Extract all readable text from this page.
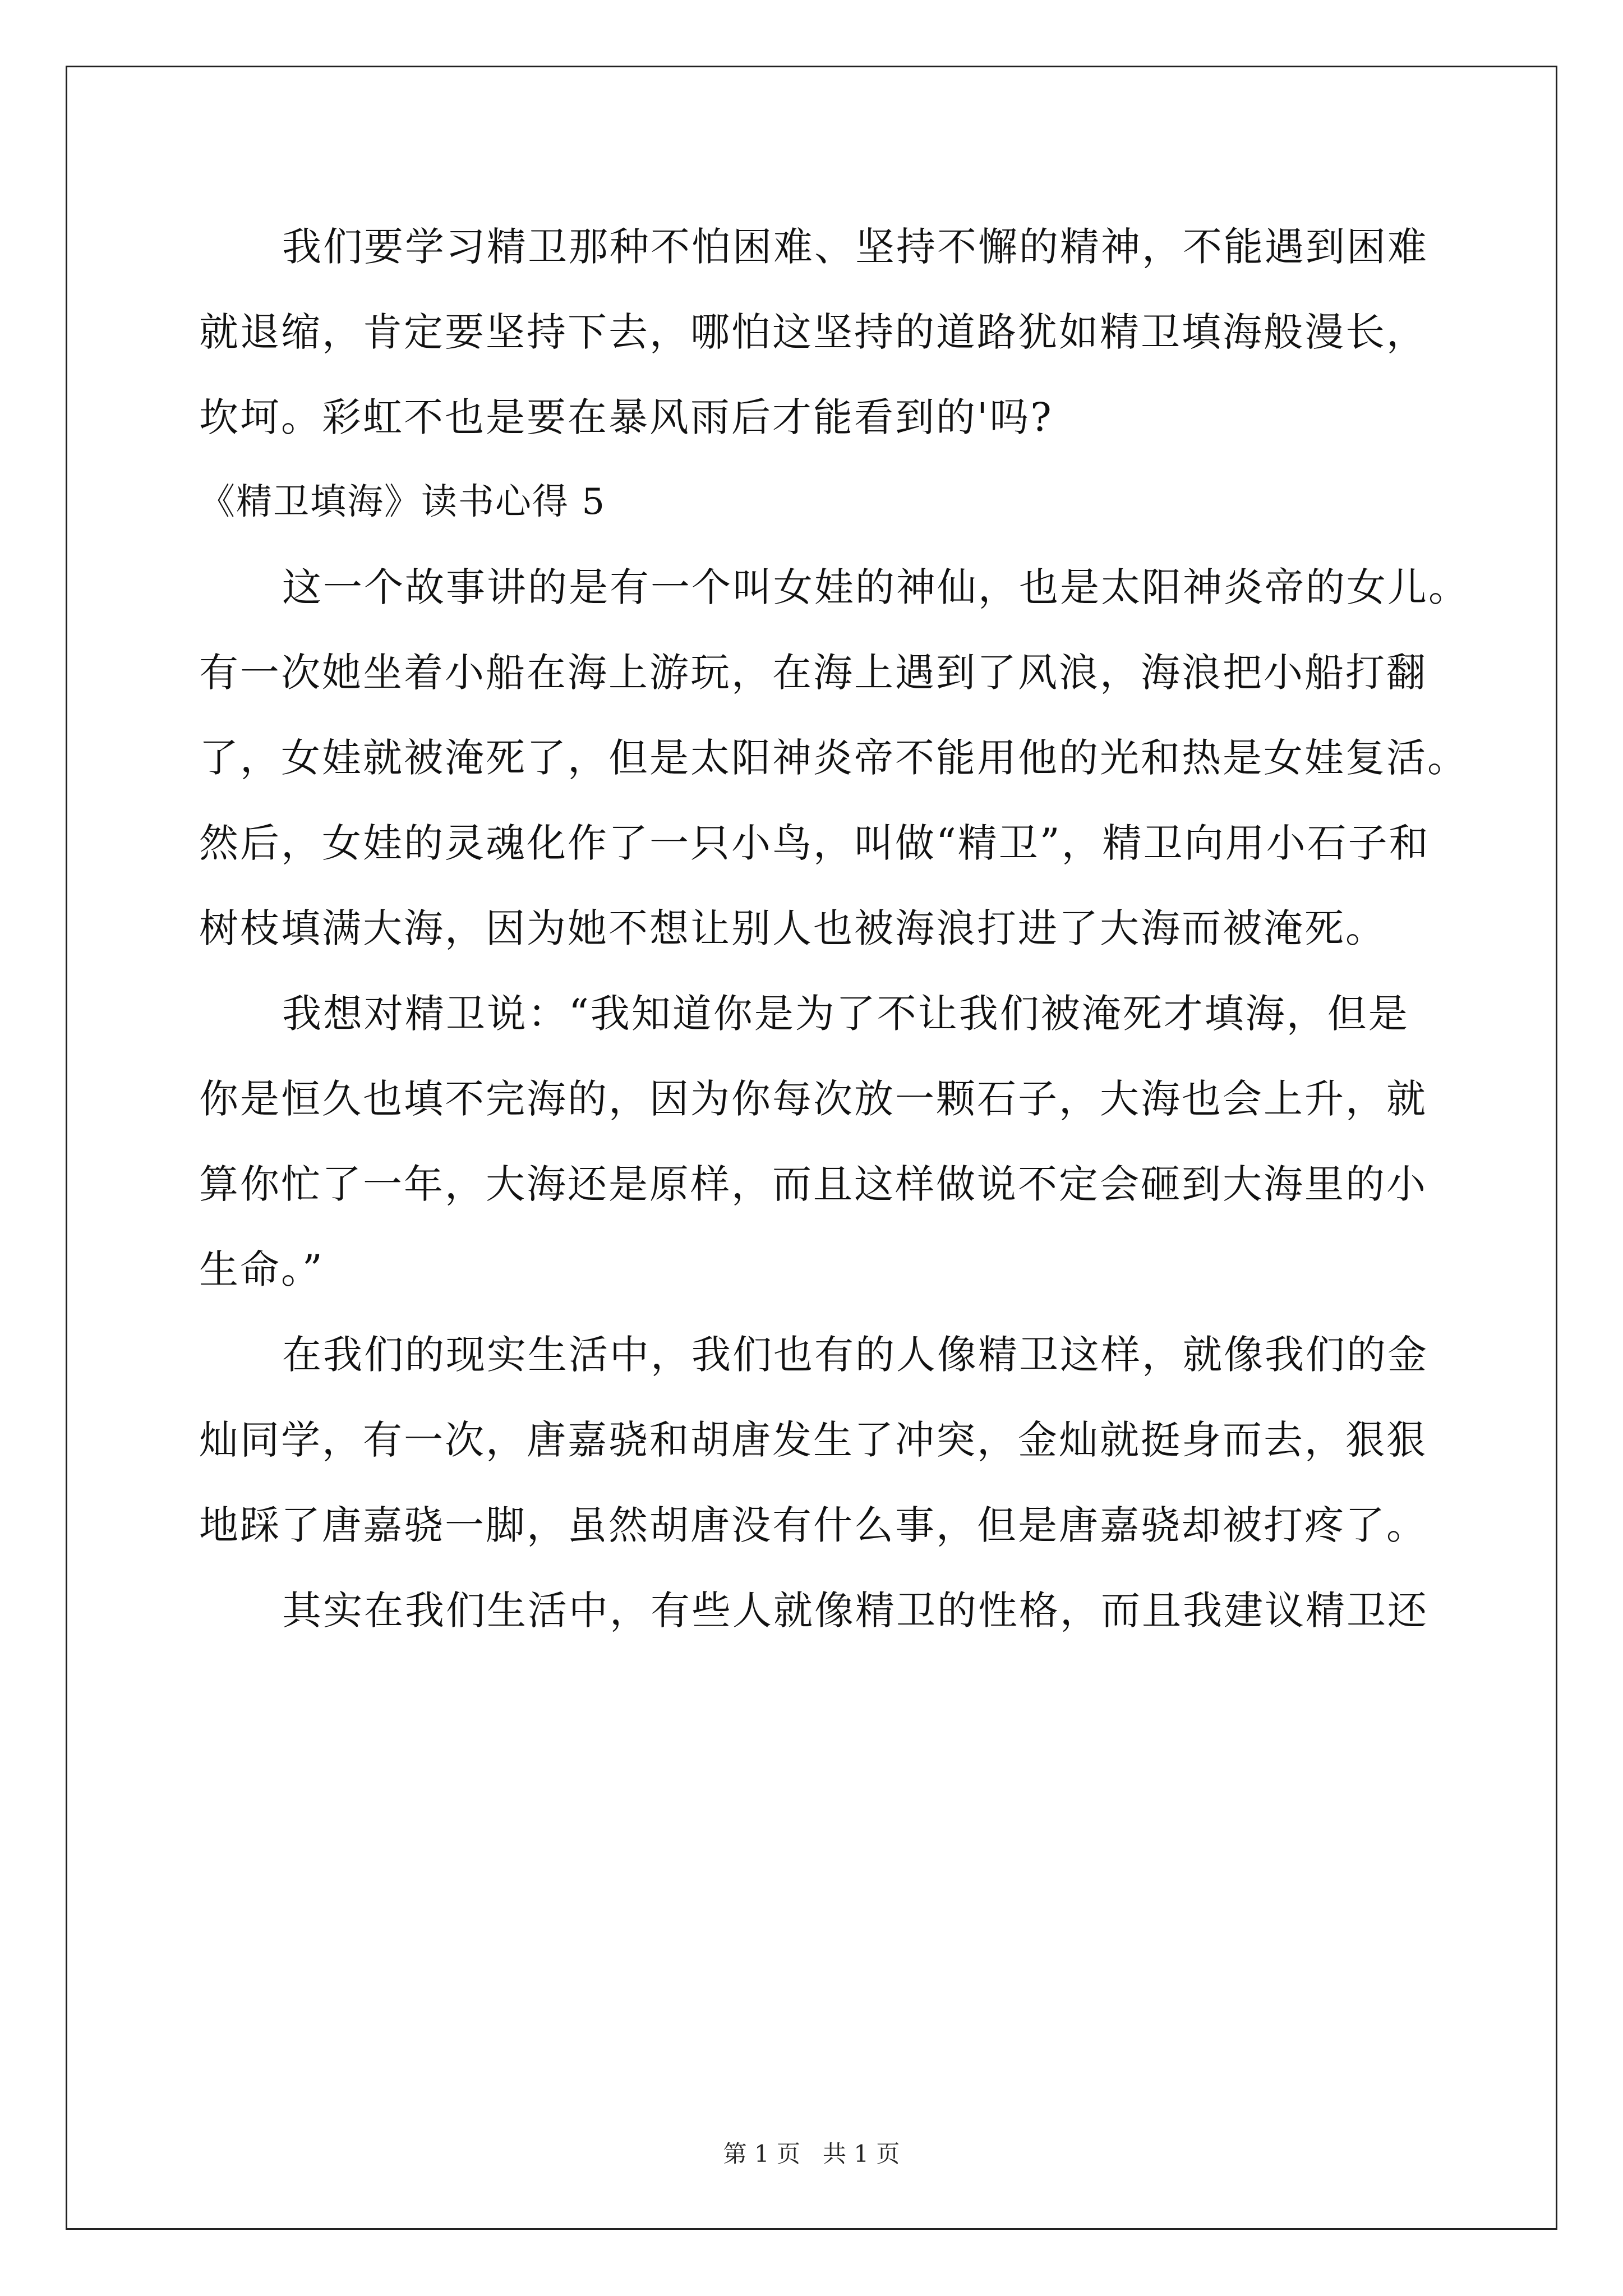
我们要学习精卫那种不怕困难、坚持不懈的精神，不能遇到困难
就退缩，肯定要坚持下去，哪怕这坚持的道路犹如精卫填海般漫长，
坎坷。彩虹不也是要在暴风雨后才能看到的'吗?
《精卫填海》读书心得 5
这一个故事讲的是有一个叫女娃的神仙，也是太阳神炎帝的女儿。
有一次她坐着小船在海上游玩，在海上遇到了风浪，海浪把小船打翻
了，女娃就被淹死了，但是太阳神炎帝不能用他的光和热是女娃复活。
然后，女娃的灵魂化作了一只小鸟，叫做“精卫”，精卫向用小石子和
树枝填满大海，因为她不想让别人也被海浪打进了大海而被淹死。
我想对精卫说：“我知道你是为了不让我们被淹死才填海，但是
你是恒久也填不完海的，因为你每次放一颗石子，大海也会上升，就
算你忙了一年，大海还是原样，而且这样做说不定会砸到大海里的小
生命。”
在我们的现实生活中，我们也有的人像精卫这样，就像我们的金
灿同学，有一次，唐嘉骁和胡唐发生了冲突，金灿就挺身而去，狠狠
地踩了唐嘉骁一脚，虽然胡唐没有什么事，但是唐嘉骁却被打疼了。
其实在我们生活中，有些人就像精卫的性格，而且我建议精卫还
第 1 页 共 1 页
